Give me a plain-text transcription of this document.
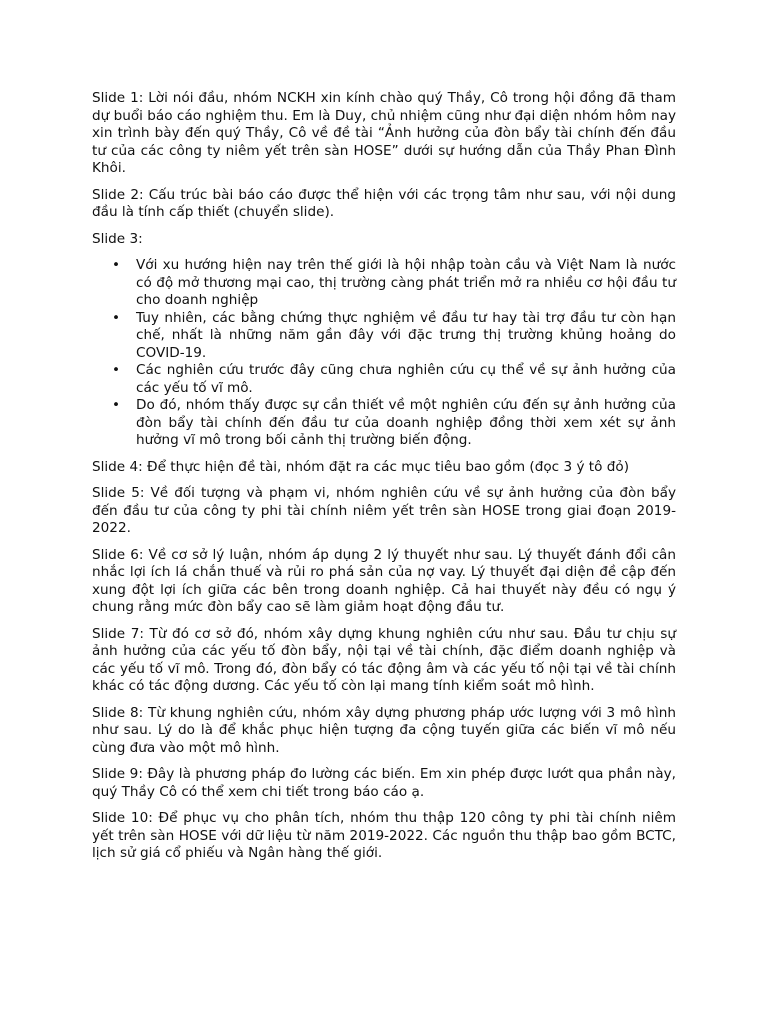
Slide 1: Lời nói đầu, nhóm NCKH xin kính chào quý Thầy, Cô trong hội đồng đã tham dự buổi báo cáo nghiệm thu. Em là Duy, chủ nhiệm cũng như đại diện nhóm hôm nay xin trình bày đến quý Thầy, Cô về đề tài “Ảnh hưởng của đòn bẩy tài chính đến đầu tư của các công ty niêm yết trên sàn HOSE” dưới sự hướng dẫn của Thầy Phan Đình Khôi.

Slide 2: Cấu trúc bài báo cáo được thể hiện với các trọng tâm như sau, với nội dung đầu là tính cấp thiết (chuyển slide).

Slide 3:

• Với xu hướng hiện nay trên thế giới là hội nhập toàn cầu và Việt Nam là nước có độ mở thương mại cao, thị trường càng phát triển mở ra nhiều cơ hội đầu tư cho doanh nghiệp
• Tuy nhiên, các bằng chứng thực nghiệm về đầu tư hay tài trợ đầu tư còn hạn chế, nhất là những năm gần đây với đặc trưng thị trường khủng hoảng do COVID-19.
• Các nghiên cứu trước đây cũng chưa nghiên cứu cụ thể về sự ảnh hưởng của các yếu tố vĩ mô.
• Do đó, nhóm thấy được sự cần thiết về một nghiên cứu đến sự ảnh hưởng của đòn bẩy tài chính đến đầu tư của doanh nghiệp đồng thời xem xét sự ảnh hưởng vĩ mô trong bối cảnh thị trường biến động.

Slide 4: Để thực hiện đề tài, nhóm đặt ra các mục tiêu bao gồm (đọc 3 ý tô đỏ)

Slide 5: Về đối tượng và phạm vi, nhóm nghiên cứu về sự ảnh hưởng của đòn bẩy đến đầu tư của công ty phi tài chính niêm yết trên sàn HOSE trong giai đoạn 2019-2022.

Slide 6: Về cơ sở lý luận, nhóm áp dụng 2 lý thuyết như sau. Lý thuyết đánh đổi cân nhắc lợi ích lá chắn thuế và rủi ro phá sản của nợ vay. Lý thuyết đại diện đề cập đến xung đột lợi ích giữa các bên trong doanh nghiệp. Cả hai thuyết này đều có ngụ ý chung rằng mức đòn bẩy cao sẽ làm giảm hoạt động đầu tư.

Slide 7: Từ đó cơ sở đó, nhóm xây dựng khung nghiên cứu như sau. Đầu tư chịu sự ảnh hưởng của các yếu tố đòn bẩy, nội tại về tài chính, đặc điểm doanh nghiệp và các yếu tố vĩ mô. Trong đó, đòn bẩy có tác động âm và các yếu tố nội tại về tài chính khác có tác động dương. Các yếu tố còn lại mang tính kiểm soát mô hình.

Slide 8: Từ khung nghiên cứu, nhóm xây dựng phương pháp ước lượng với 3 mô hình như sau. Lý do là để khắc phục hiện tượng đa cộng tuyến giữa các biến vĩ mô nếu cùng đưa vào một mô hình.

Slide 9: Đây là phương pháp đo lường các biến. Em xin phép được lướt qua phần này, quý Thầy Cô có thể xem chi tiết trong báo cáo ạ.

Slide 10: Để phục vụ cho phân tích, nhóm thu thập 120 công ty phi tài chính niêm yết trên sàn HOSE với dữ liệu từ năm 2019-2022. Các nguồn thu thập bao gồm BCTC, lịch sử giá cổ phiếu và Ngân hàng thế giới.
